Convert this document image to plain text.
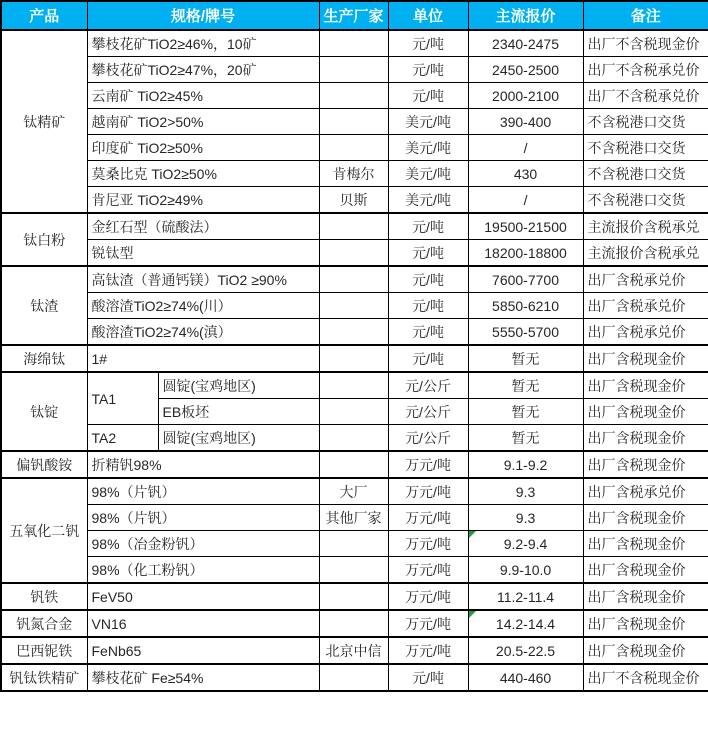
产品	规格/牌号		生产厂家	单位	主流报价	备注
钛精矿	攀枝花矿TiO2≥46%，10矿			元/吨	2340-2475	出厂不含税现金价
	攀枝花矿TiO2≥47%，20矿			元/吨	2450-2500	出厂不含税承兑价
	云南矿 TiO2≥45%			元/吨	2000-2100	出厂不含税承兑价
	越南矿 TiO2>50%			美元/吨	390-400	不含税港口交货
	印度矿 TiO2≥50%			美元/吨	/	不含税港口交货
	莫桑比克 TiO2≥50%		肯梅尔	美元/吨	430	不含税港口交货
	肯尼亚 TiO2≥49%		贝斯	美元/吨	/	不含税港口交货
钛白粉	金红石型（硫酸法）			元/吨	19500-21500	主流报价含税承兑
	锐钛型			元/吨	18200-18800	主流报价含税承兑
钛渣	高钛渣（普通钙镁）TiO2 ≥90%			元/吨	7600-7700	出厂含税承兑价
	酸溶渣TiO2≥74%(川）			元/吨	5850-6210	出厂含税承兑价
	酸溶渣TiO2≥74%(滇）			元/吨	5550-5700	出厂含税承兑价
海绵钛	1#			元/吨	暂无	出厂含税现金价
钛锭	TA1	圆锭(宝鸡地区)		元/公斤	暂无	出厂含税现金价
		EB板坯		元/公斤	暂无	出厂含税现金价
	TA2	圆锭(宝鸡地区)		元/公斤	暂无	出厂含税现金价
偏钒酸铵	折精钒98%			万元/吨	9.1-9.2	出厂含税现金价
五氧化二钒	98%（片钒）		大厂	万元/吨	9.3	出厂含税承兑价
	98%（片钒）		其他厂家	万元/吨	9.3	出厂含税现金价
	98%（冶金粉钒）			万元/吨	9.2-9.4	出厂含税现金价
	98%（化工粉钒）			万元/吨	9.9-10.0	出厂含税现金价
钒铁	FeV50			万元/吨	11.2-11.4	出厂含税现金价
钒氮合金	VN16			万元/吨	14.2-14.4	出厂含税现金价
巴西铌铁	FeNb65		北京中信	万元/吨	20.5-22.5	出厂含税现金价
钒钛铁精矿	攀枝花矿 Fe≥54%			元/吨	440-460	出厂不含税现金价
